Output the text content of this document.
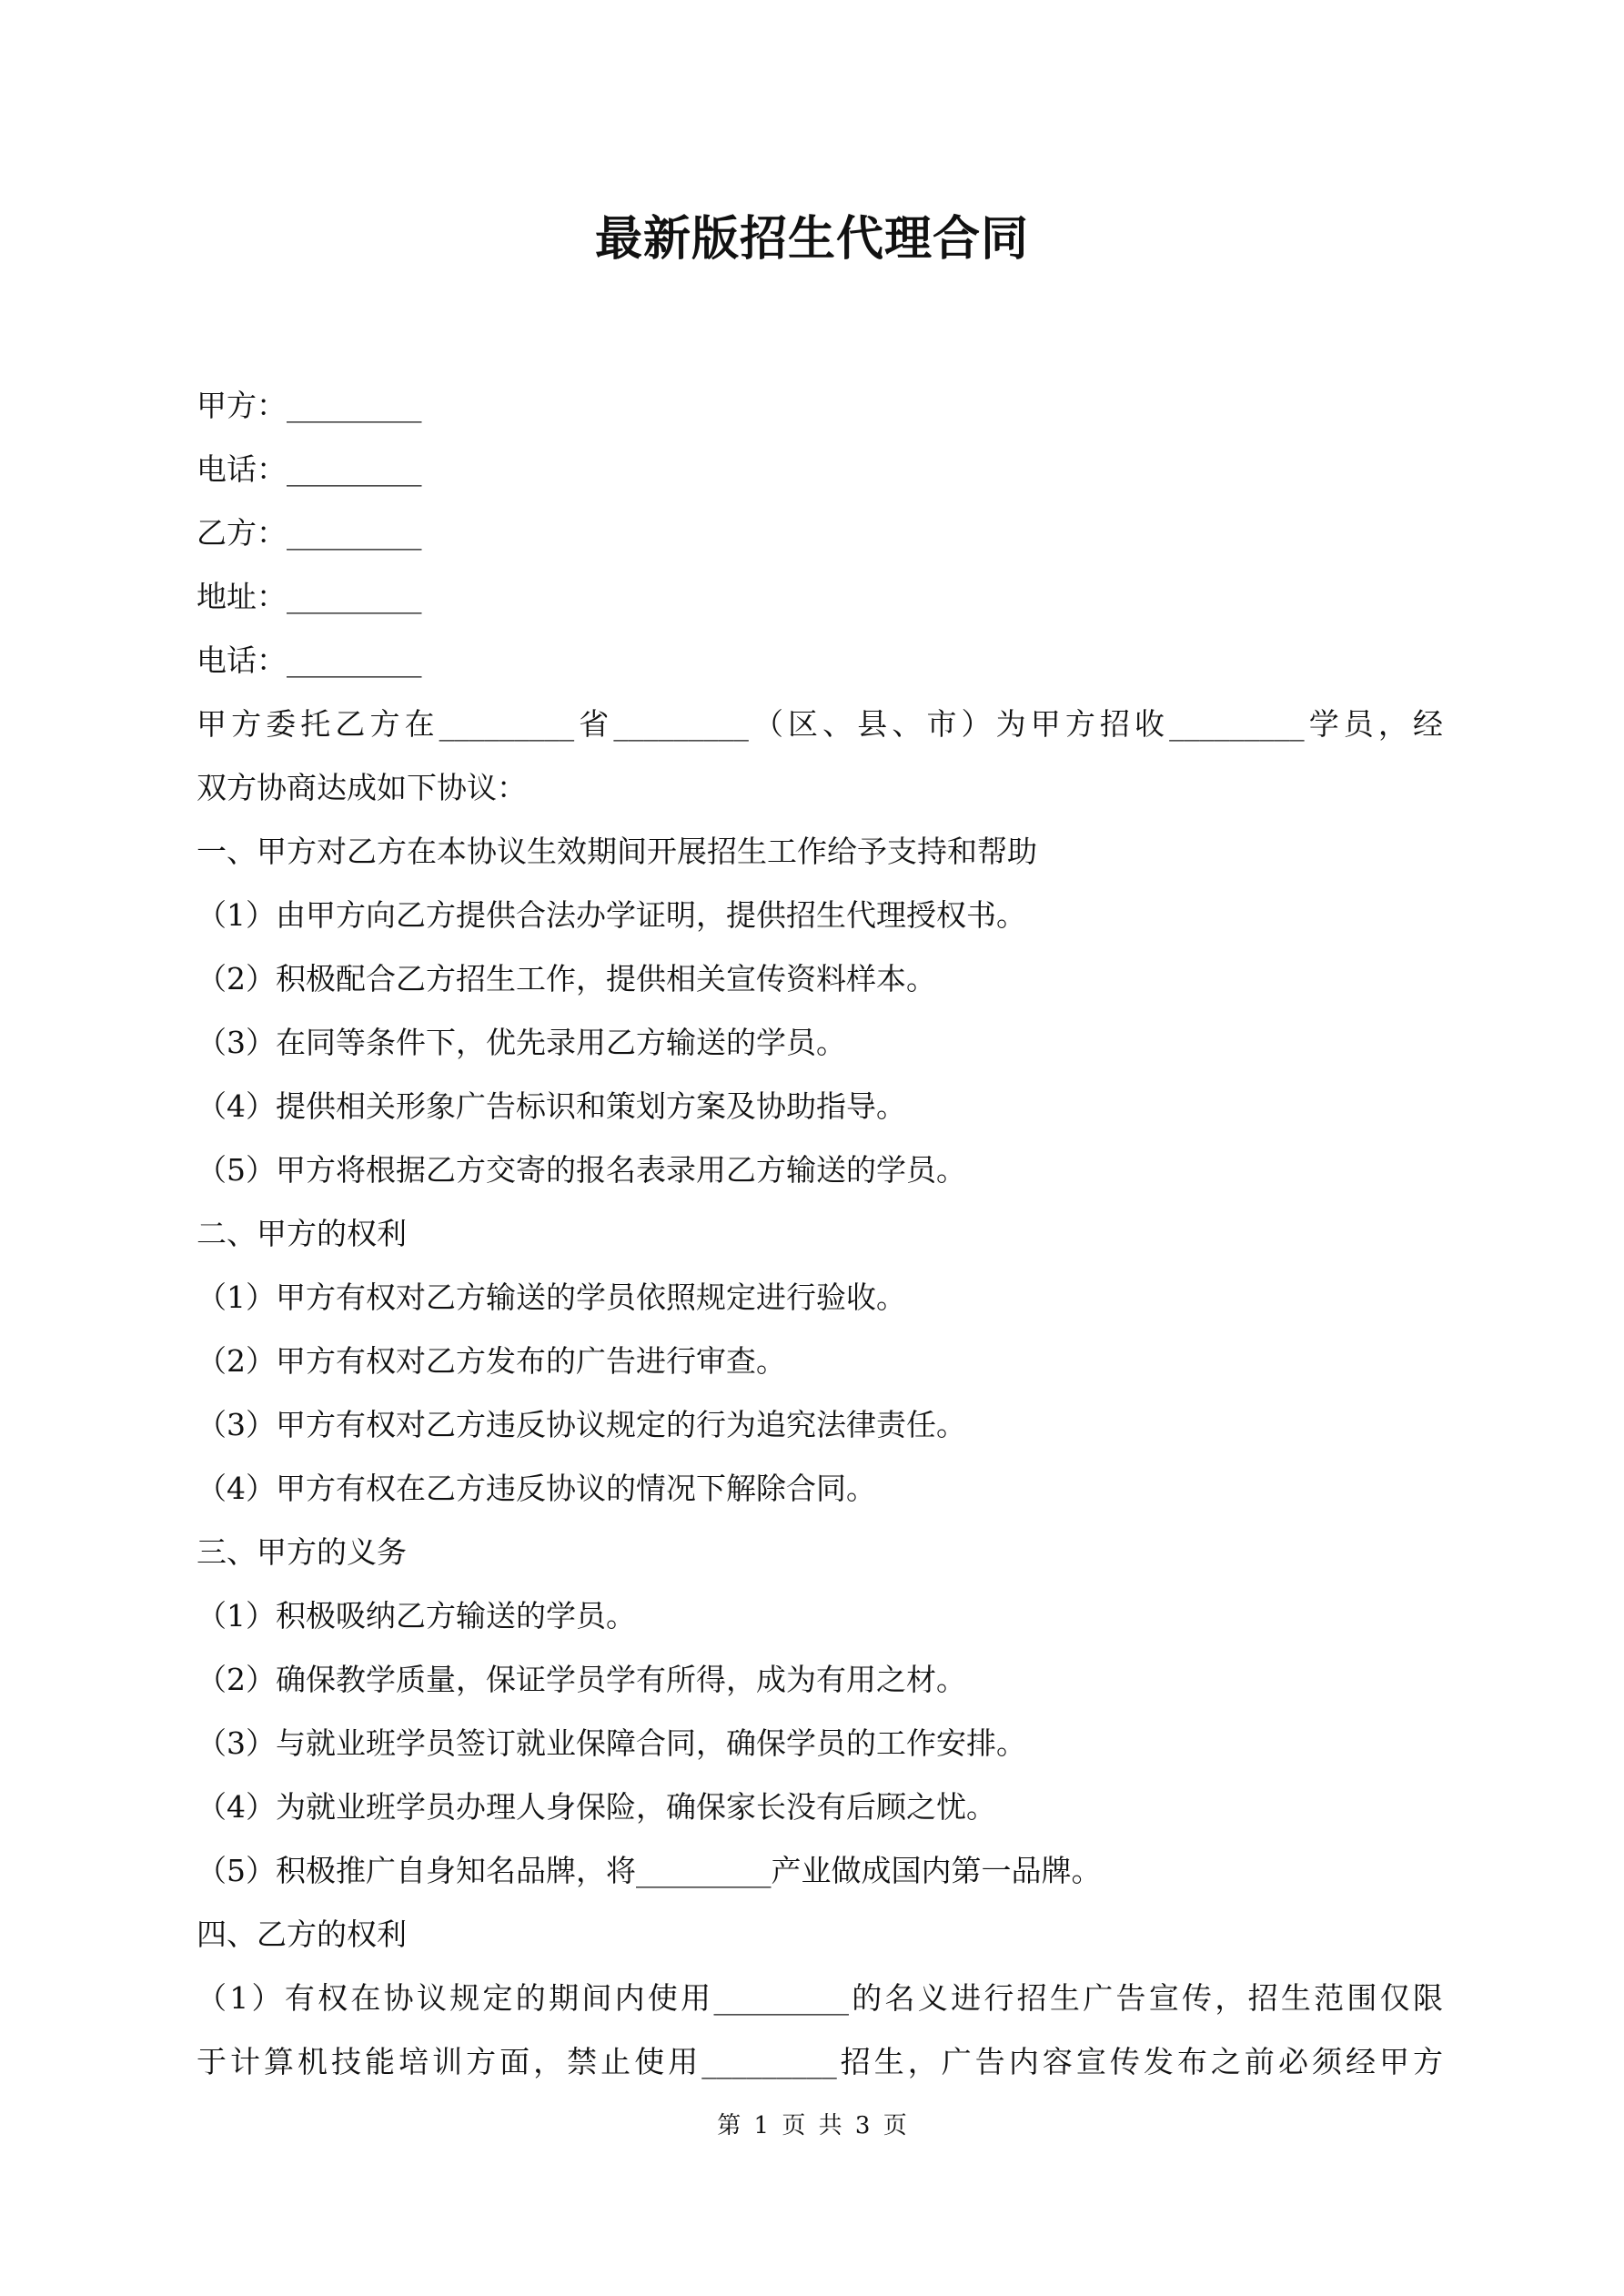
最新版招生代理合同
甲方：_________
电话：_________
乙方：_________
地址：_________
电话：_________
甲方委托乙方在_________省_________（区、县、市）为甲方招收_________学员，经
双方协商达成如下协议：
一、甲方对乙方在本协议生效期间开展招生工作给予支持和帮助
（1）由甲方向乙方提供合法办学证明，提供招生代理授权书。
（2）积极配合乙方招生工作，提供相关宣传资料样本。
（3）在同等条件下，优先录用乙方输送的学员。
（4）提供相关形象广告标识和策划方案及协助指导。
（5）甲方将根据乙方交寄的报名表录用乙方输送的学员。
二、甲方的权利
（1）甲方有权对乙方输送的学员依照规定进行验收。
（2）甲方有权对乙方发布的广告进行审查。
（3）甲方有权对乙方违反协议规定的行为追究法律责任。
（4）甲方有权在乙方违反协议的情况下解除合同。
三、甲方的义务
（1）积极吸纳乙方输送的学员。
（2）确保教学质量，保证学员学有所得，成为有用之材。
（3）与就业班学员签订就业保障合同，确保学员的工作安排。
（4）为就业班学员办理人身保险，确保家长没有后顾之忧。
（5）积极推广自身知名品牌，将_________产业做成国内第一品牌。
四、乙方的权利
（1）有权在协议规定的期间内使用_________的名义进行招生广告宣传，招生范围仅限
于计算机技能培训方面，禁止使用_________招生，广告内容宣传发布之前必须经甲方
第 1 页 共 3 页
